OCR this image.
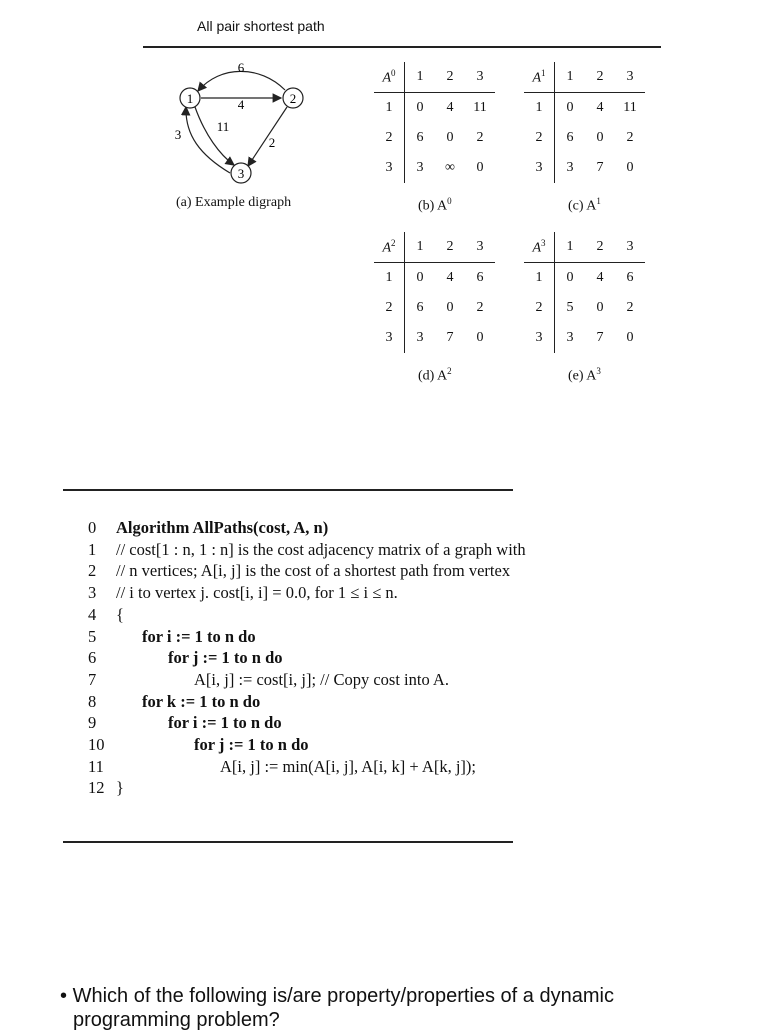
All pair shortest path
1	2
3
6
4
11
3
2
(a) Example digraph
$A^0$	1	2	3
1	0	4	11
2	6	0	2
3	3	∞	0
$A^1$	1	2	3
1	0	4	11
2	6	0	2
3	3	7	0
$A^2$	1	2	3
1	0	4	6
2	6	0	2
3	3	7	0
$A^3$	1	2	3
1	0	4	6
2	5	0	2
3	3	7	0
(b) $A^0$	(c) $A^1$
(d) $A^2$	(e) $A^3$
0 Algorithm AllPaths(cost, A, n)
1 // cost[1 : n, 1 : n] is the cost adjacency matrix of a graph with
2 // n vertices; A[i, j] is the cost of a shortest path from vertex
3 // i to vertex j. cost[i, i] = 0.0, for 1 ≤ i ≤ n.
4 {
5	for i := 1 to n do
6	for j := 1 to n do
7	A[i, j] := cost[i, j]; // Copy cost into A.
8	for k := 1 to n do
9	for i := 1 to n do
10	for j := 1 to n do
11	A[i, j] := min(A[i, j], A[i, k] + A[k, j]);
12 }
• Which of the following is/are property/properties of a dynamic
programming problem?
